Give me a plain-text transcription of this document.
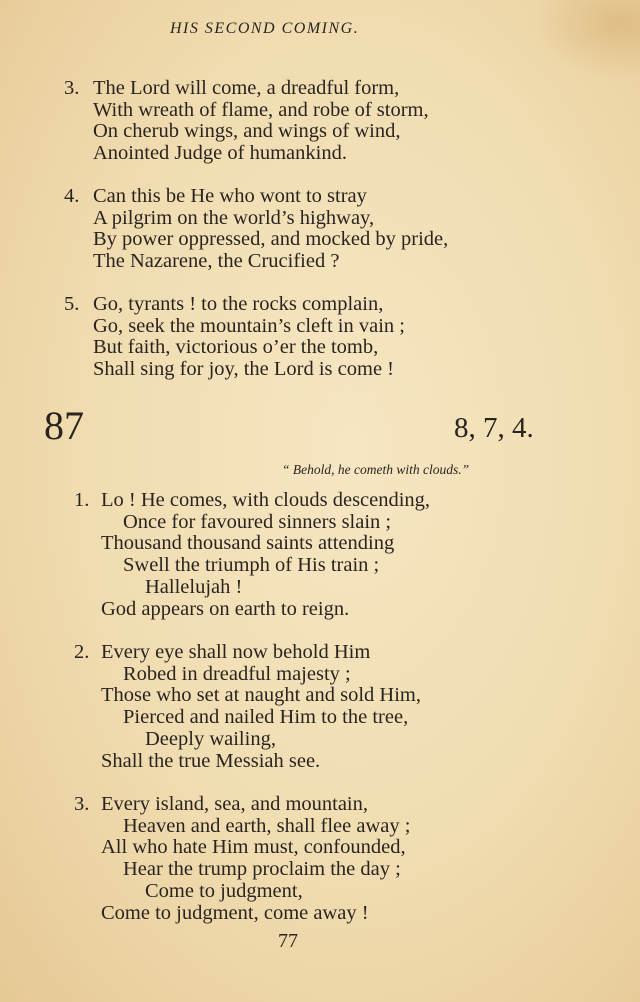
HIS SECOND COMING.
3. The Lord will come, a dreadful form,
With wreath of flame, and robe of storm,
On cherub wings, and wings of wind,
Anointed Judge of humankind.
4. Can this be He who wont to stray
A pilgrim on the world’s highway,
By power oppressed, and mocked by pride,
The Nazarene, the Crucified ?
5. Go, tyrants ! to the rocks complain,
Go, seek the mountain’s cleft in vain ;
But faith, victorious o’er the tomb,
Shall sing for joy, the Lord is come !
87	8, 7, 4.
“ Behold, he cometh with clouds.”
1. Lo ! He comes, with clouds descending,
Once for favoured sinners slain ;
Thousand thousand saints attending
Swell the triumph of His train ;
Hallelujah !
God appears on earth to reign.
2. Every eye shall now behold Him
Robed in dreadful majesty ;
Those who set at naught and sold Him,
Pierced and nailed Him to the tree,
Deeply wailing,
Shall the true Messiah see.
3. Every island, sea, and mountain,
Heaven and earth, shall flee away ;
All who hate Him must, confounded,
Hear the trump proclaim the day ;
Come to judgment,
Come to judgment, come away !
77
